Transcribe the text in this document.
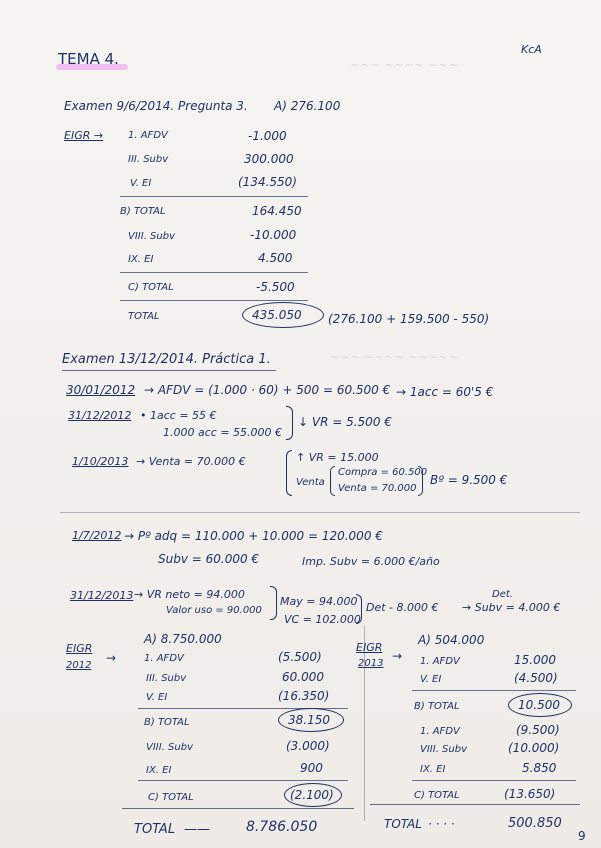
~~~ ~~~~ ~~~
~~~ ~~~~ ~~~~~
KcA
TEMA 4.
Examen 9/6/2014. Pregunta 3. A) 276.100
EIGR → 1. AFDV	-1.000
III. Subv	300.000
V. EI	(134.550)
B) TOTAL	164.450
VIII. Subv	-10.000
IX. EI	4.500
C) TOTAL	-5.500
TOTAL	435.050 (276.100 + 159.500 - 550)
Examen 13/12/2014. Práctica 1.
30/01/2012 → AFDV = (1.000 · 60) + 500 = 60.500 € → 1acc = 60'5 €
31/12/2012 • 1acc = 55 €
1.000 acc = 55.000 €
↓ VR = 5.500 €
1/10/2013 → Venta = 70.000 €	↑ VR = 15.000
Venta
Compra = 60.500
Venta = 70.000
Bº = 9.500 €
1/7/2012 → Pº adq = 110.000 + 10.000 = 120.000 €
Subv = 60.000 €	Imp. Subv = 6.000 €/año
31/12/2013 → VR neto = 94.000
Valor uso = 90.000
May = 94.000
VC = 102.000
Det - 8.000 €
Det.
→ Subv = 4.000 €
EIGR
2012
→
A) 8.750.000
1. AFDV	(5.500)
III. Subv	60.000
V. EI	(16.350)
B) TOTAL	38.150
VIII. Subv	(3.000)
IX. EI	900
C) TOTAL	(2.100)
TOTAL ——	8.786.050
EIGR
2013
→
A) 504.000
1. AFDV	15.000
V. EI	(4.500)
B) TOTAL	10.500
1. AFDV	(9.500)
VIII. Subv	(10.000)
IX. EI	5.850
C) TOTAL	(13.650)
TOTAL · · · ·	500.850
9
